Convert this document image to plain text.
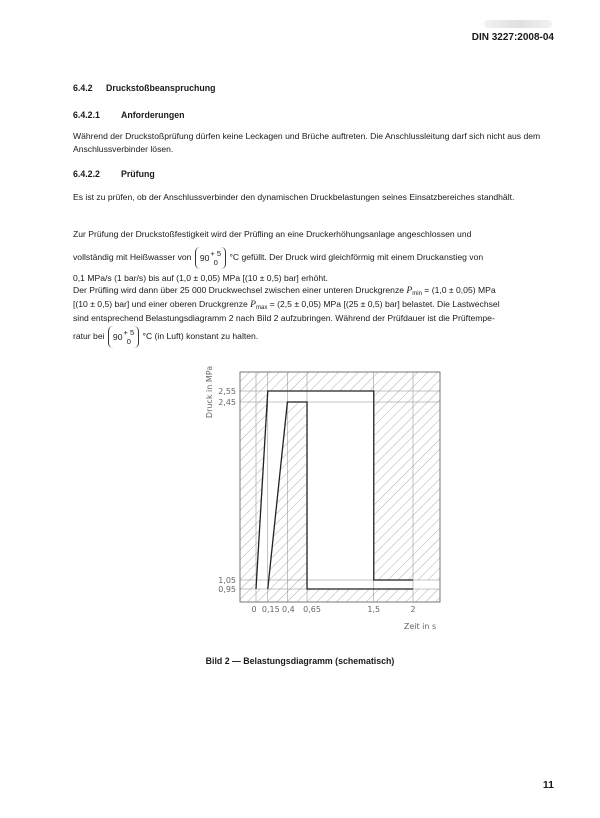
DIN 3227:2008-04
6.4.2 Druckstoßbeanspruchung
6.4.2.1 Anforderungen
Während der Druckstoßprüfung dürfen keine Leckagen und Brüche auftreten. Die Anschlussleitung darf sich nicht aus dem Anschlussverbinder lösen.
6.4.2.2 Prüfung
Es ist zu prüfen, ob der Anschlussverbinder den dynamischen Druckbelastungen seines Einsatzbereiches standhält.
Zur Prüfung der Druckstoßfestigkeit wird der Prüfling an eine Druckerhöhungsanlage angeschlossen und
vollständig mit Heißwasser von 90 + 5
0
°C gefüllt. Der Druck wird gleichförmig mit einem Druckanstieg von
0,1 MPa/s (1 bar/s) bis auf (1,0 ± 0,05) MPa [(10 ± 0,5) bar] erhöht.
Der Prüfling wird dann über 25 000 Druckwechsel zwischen einer unteren Druckgrenze $P_{min} = (1,0 \pm 0,05)$ MPa
[(10 ± 0,5) bar] und einer oberen Druckgrenze $P_{max} = (2,5 \pm 0,05)$ MPa [(25 ± 0,5) bar] belastet. Die Lastwechsel
sind entsprechend Belastungsdiagramm 2 nach Bild 2 aufzubringen. Während der Prüfdauer ist die Prüftempe-
ratur bei 90 + 5
0
°C (in Luft) konstant zu halten.
0,95
1,05
2,45
2,55
0 0,15 0,4 0,65	1,5	2
Zeit in s
Druck in MPa
Bild 2 — Belastungsdiagramm (schematisch)
11
